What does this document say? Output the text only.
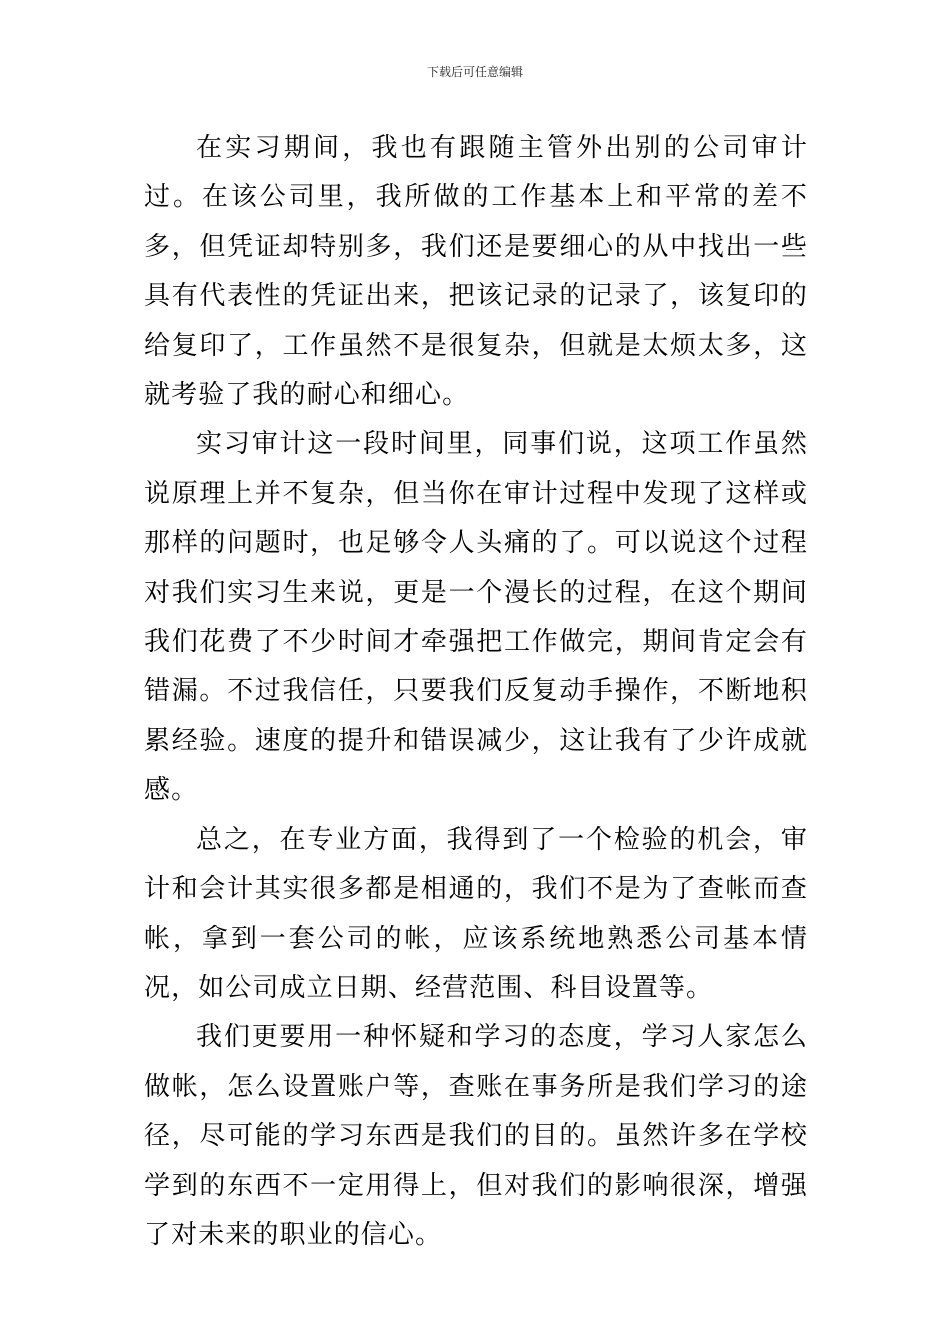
下载后可任意编辑

在实习期间，我也有跟随主管外出别的公司审计过。在该公司里，我所做的工作基本上和平常的差不多，但凭证却特别多，我们还是要细心的从中找出一些具有代表性的凭证出来，把该记录的记录了，该复印的给复印了，工作虽然不是很复杂，但就是太烦太多，这就考验了我的耐心和细心。

实习审计这一段时间里，同事们说，这项工作虽然说原理上并不复杂，但当你在审计过程中发现了这样或那样的问题时，也足够令人头痛的了。可以说这个过程对我们实习生来说，更是一个漫长的过程，在这个期间我们花费了不少时间才牵强把工作做完，期间肯定会有错漏。不过我信任，只要我们反复动手操作，不断地积累经验。速度的提升和错误减少，这让我有了少许成就感。

总之，在专业方面，我得到了一个检验的机会，审计和会计其实很多都是相通的，我们不是为了查帐而查帐，拿到一套公司的帐，应该系统地熟悉公司基本情况，如公司成立日期、经营范围、科目设置等。

我们更要用一种怀疑和学习的态度，学习人家怎么做帐，怎么设置账户等，查账在事务所是我们学习的途径，尽可能的学习东西是我们的目的。虽然许多在学校学到的东西不一定用得上，但对我们的影响很深，增强了对未来的职业的信心。
